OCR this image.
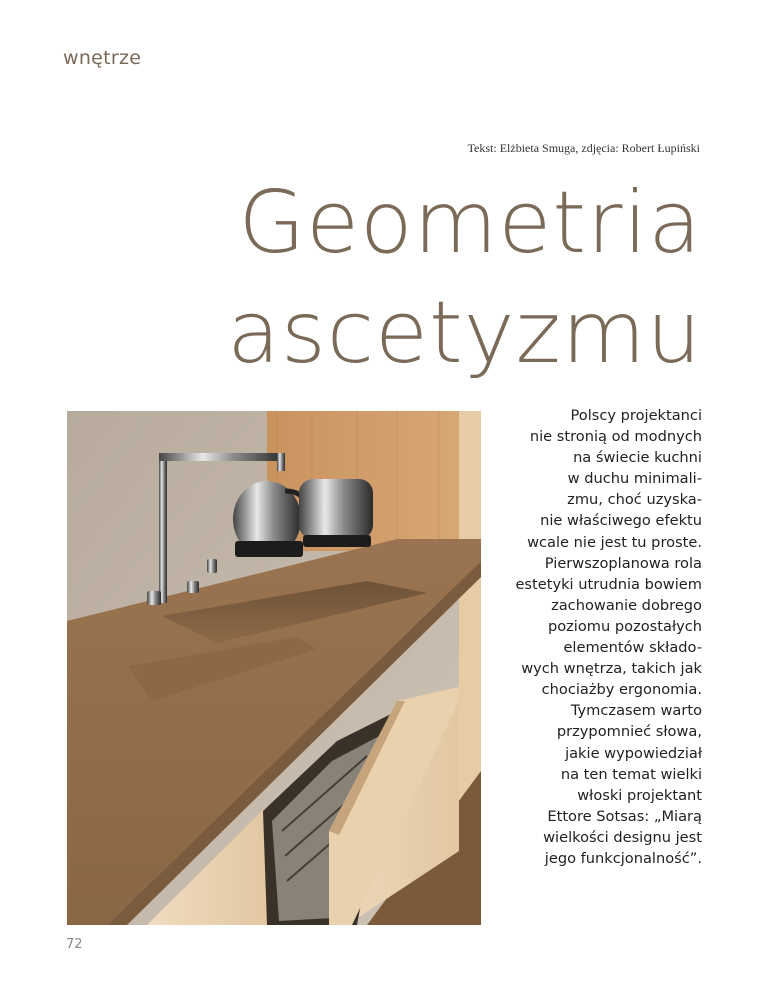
wnętrze
Tekst: Elżbieta Smuga, zdjęcia: Robert Łupiński
Geometria
ascetyzmu
Polscy projektanci
nie stronią od modnych
na świecie kuchni
w duchu minimali-
zmu, choć uzyska-
nie właściwego efektu
wcale nie jest tu proste.
Pierwszoplanowa rola
estetyki utrudnia bowiem
zachowanie dobrego
poziomu pozostałych
elementów składo-
wych wnętrza, takich jak
chociażby ergonomia.
Tymczasem warto
przypomnieć słowa,
jakie wypowiedział
na ten temat wielki
włoski projektant
Ettore Sotsas: „Miarą
wielkości designu jest
jego funkcjonalność”.
72
